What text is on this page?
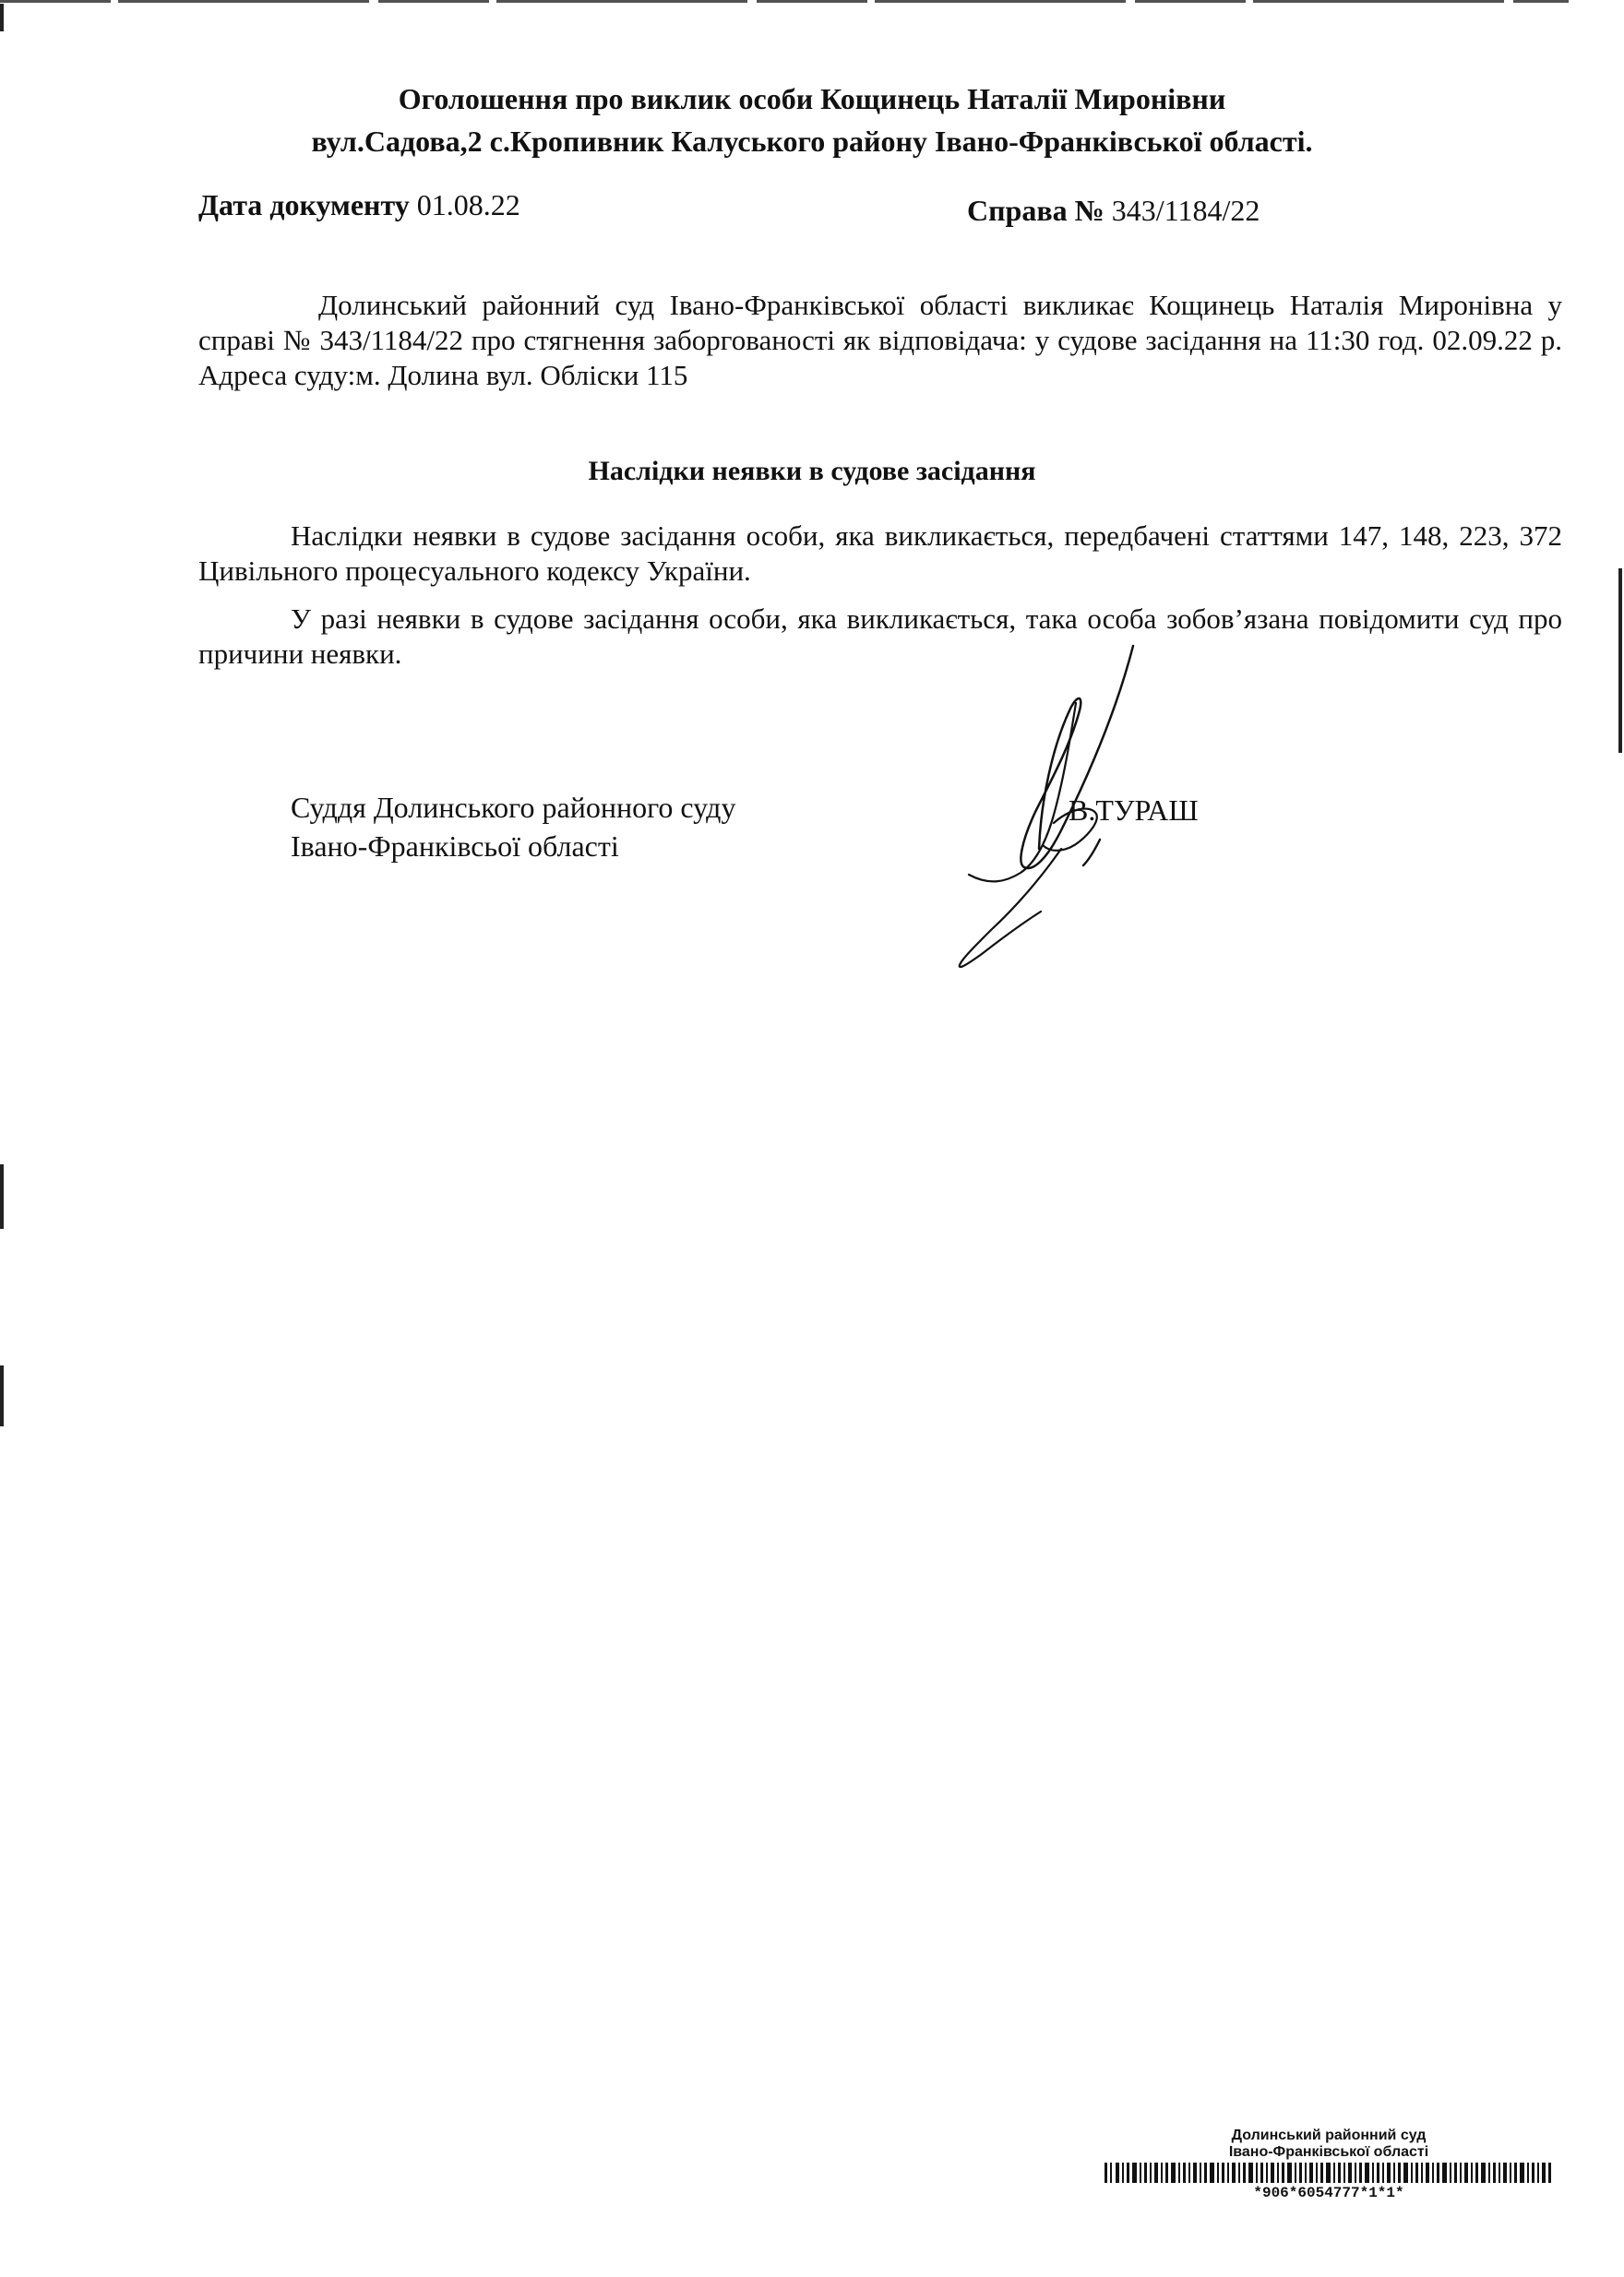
Оголошення про виклик особи Кощинець Наталії Миронівни
вул.Садова,2 с.Кропивник Калуського району Івано-Франківської області.
Дата документу 01.08.22	Справа № 343/1184/22

Долинський районний суд Івано-Франківської області викликає Кощинець Наталія Миронівна у справі № 343/1184/22 про стягнення заборгованості як відповідача: у судове засідання на 11:30 год. 02.09.22 р. Адреса суду:м. Долина вул. Обліски 115

Наслідки неявки в судове засідання

Наслідки неявки в судове засідання особи, яка викликається, передбачені статтями 147, 148, 223, 372 Цивільного процесуального кодексу України.

У разі неявки в судове засідання особи, яка викликається, така особа зобов’язана повідомити суд про причини неявки.

Суддя Долинського районного суду
Івано-Франківсьої області
В.ТУРАШ
Долинський районний суд
Івано-Франківської області
*906*6054777*1*1*
